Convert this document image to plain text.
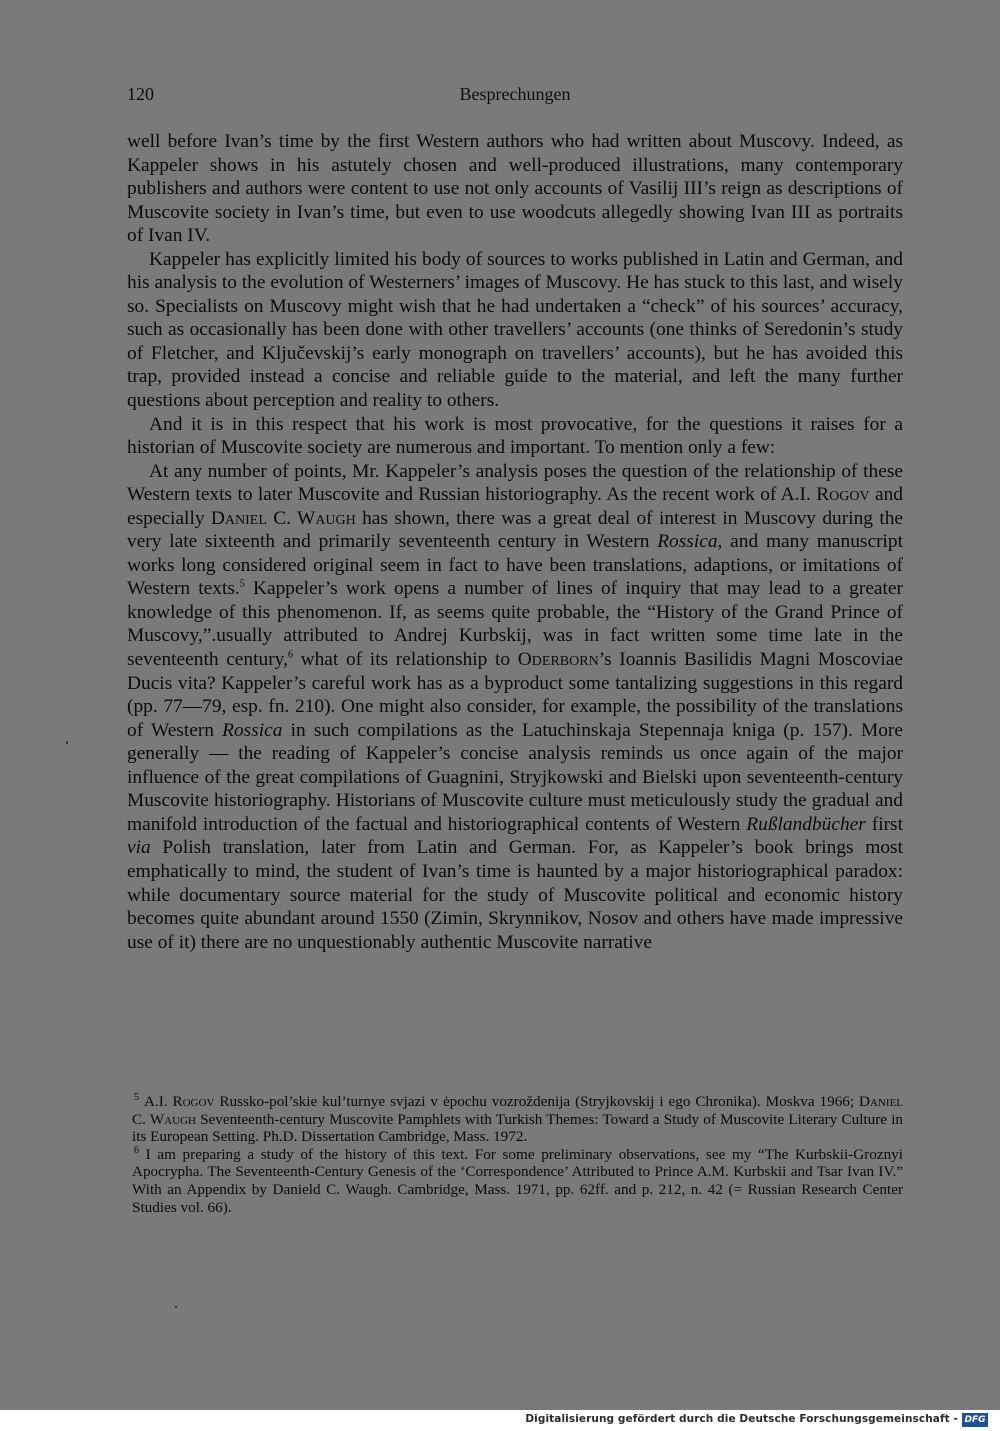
120	Besprechungen

well before Ivan’s time by the first Western authors who had written about Muscovy. Indeed, as Kappeler shows in his astutely chosen and well-produced illustrations, many contemporary publishers and authors were content to use not only accounts of Vasilij III’s reign as descriptions of Muscovite society in Ivan’s time, but even to use woodcuts allegedly showing Ivan III as portraits of Ivan IV.

Kappeler has explicitly limited his body of sources to works published in Latin and German, and his analysis to the evolution of Westerners’ images of Muscovy. He has stuck to this last, and wisely so. Specialists on Muscovy might wish that he had undertaken a “check” of his sources’ accuracy, such as occasionally has been done with other travellers’ accounts (one thinks of Seredonin’s study of Fletcher, and Ključevskij’s early monograph on travellers’ accounts), but he has avoided this trap, provided instead a concise and reliable guide to the material, and left the many further questions about perception and reality to others.

And it is in this respect that his work is most provocative, for the questions it raises for a historian of Muscovite society are numerous and important. To mention only a few:

At any number of points, Mr. Kappeler’s analysis poses the question of the relationship of these Western texts to later Muscovite and Russian historiography. As the recent work of A.I. Rogov and especially Daniel C. Waugh has shown, there was a great deal of interest in Muscovy during the very late sixteenth and primarily seventeenth century in Western Rossica, and many manuscript works long considered original seem in fact to have been translations, adaptions, or imitations of Western texts.$^5$ Kappeler’s work opens a number of lines of inquiry that may lead to a greater knowledge of this phenomenon. If, as seems quite probable, the “History of the Grand Prince of Muscovy,”.usually attributed to Andrej Kurbskij, was in fact written some time late in the seventeenth century,$^6$ what of its relationship to Oderborn’s Ioannis Basilidis Magni Moscoviae Ducis vita? Kappeler’s careful work has as a byproduct some tantalizing suggestions in this regard (pp. 77—79, esp. fn. 210). One might also consider, for example, the possibility of the translations of Western Rossica in such compilations as the Latuchinskaja Stepennaja kniga (p. 157). More generally — the reading of Kappeler’s concise analysis reminds us once again of the major influence of the great compilations of Guagnini, Stryjkowski and Bielski upon seventeenth-century Muscovite historiography. Historians of Muscovite culture must meticulously study the gradual and manifold introduction of the factual and historiographical contents of Western Rußlandbücher first via Polish translation, later from Latin and German. For, as Kappeler’s book brings most emphatically to mind, the student of Ivan’s time is haunted by a major historiographical paradox: while documentary source material for the study of Muscovite political and economic history becomes quite abundant around 1550 (Zimin, Skrynnikov, Nosov and others have made impressive use of it) there are no unquestionably authentic Muscovite narrative

$^5$ A.I. Rogov Russko-pol’skie kul’turnye svjazi v ėpochu vozroždenija (Stryjkovskij i ego Chronika). Moskva 1966; Daniel C. Waugh Seventeenth-century Muscovite Pamphlets with Turkish Themes: Toward a Study of Muscovite Literary Culture in its European Setting. Ph.D. Dissertation Cambridge, Mass. 1972.

$^6$ I am preparing a study of the history of this text. For some preliminary observations, see my “The Kurbskii-Groznyi Apocrypha. The Seventeenth-Century Genesis of the ‘Correspondence’ Attributed to Prince A.M. Kurbskii and Tsar Ivan IV.” With an Appendix by Danield C. Waugh. Cambridge, Mass. 1971, pp. 62ff. and p. 212, n. 42 (= Russian Research Center Studies vol. 66).

Digitalisierung gefördert durch die Deutsche Forschungsgemeinschaft - DFG
